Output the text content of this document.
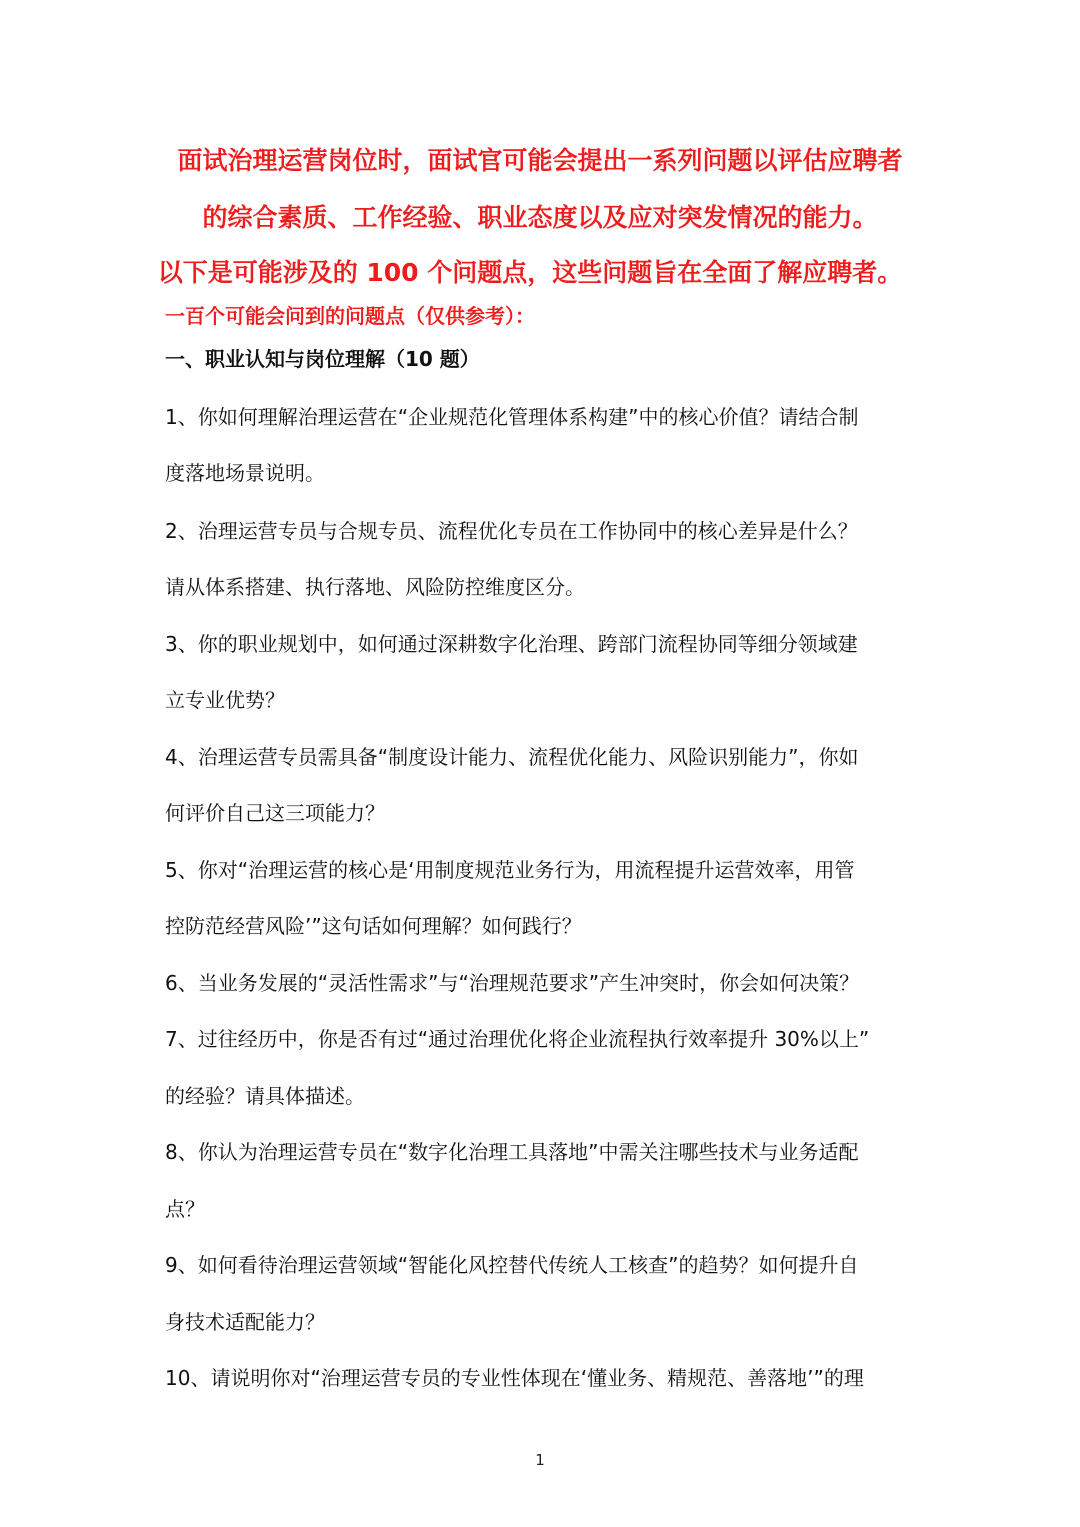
面试治理运营岗位时，面试官可能会提出一系列问题以评估应聘者
的综合素质、工作经验、职业态度以及应对突发情况的能力。
以下是可能涉及的 100 个问题点，这些问题旨在全面了解应聘者。
一百个可能会问到的问题点（仅供参考）：
一、职业认知与岗位理解（10 题）
1、你如何理解治理运营在“企业规范化管理体系构建”中的核心价值？请结合制
度落地场景说明。
2、治理运营专员与合规专员、流程优化专员在工作协同中的核心差异是什么？
请从体系搭建、执行落地、风险防控维度区分。
3、你的职业规划中，如何通过深耕数字化治理、跨部门流程协同等细分领域建
立专业优势？
4、治理运营专员需具备“制度设计能力、流程优化能力、风险识别能力”，你如
何评价自己这三项能力？
5、你对“治理运营的核心是‘用制度规范业务行为，用流程提升运营效率，用管
控防范经营风险’”这句话如何理解？如何践行？
6、当业务发展的“灵活性需求”与“治理规范要求”产生冲突时，你会如何决策？
7、过往经历中，你是否有过“通过治理优化将企业流程执行效率提升 30%以上”
的经验？请具体描述。
8、你认为治理运营专员在“数字化治理工具落地”中需关注哪些技术与业务适配
点？
9、如何看待治理运营领域“智能化风控替代传统人工核查”的趋势？如何提升自
身技术适配能力？
10、请说明你对“治理运营专员的专业性体现在‘懂业务、精规范、善落地’”的理
1
